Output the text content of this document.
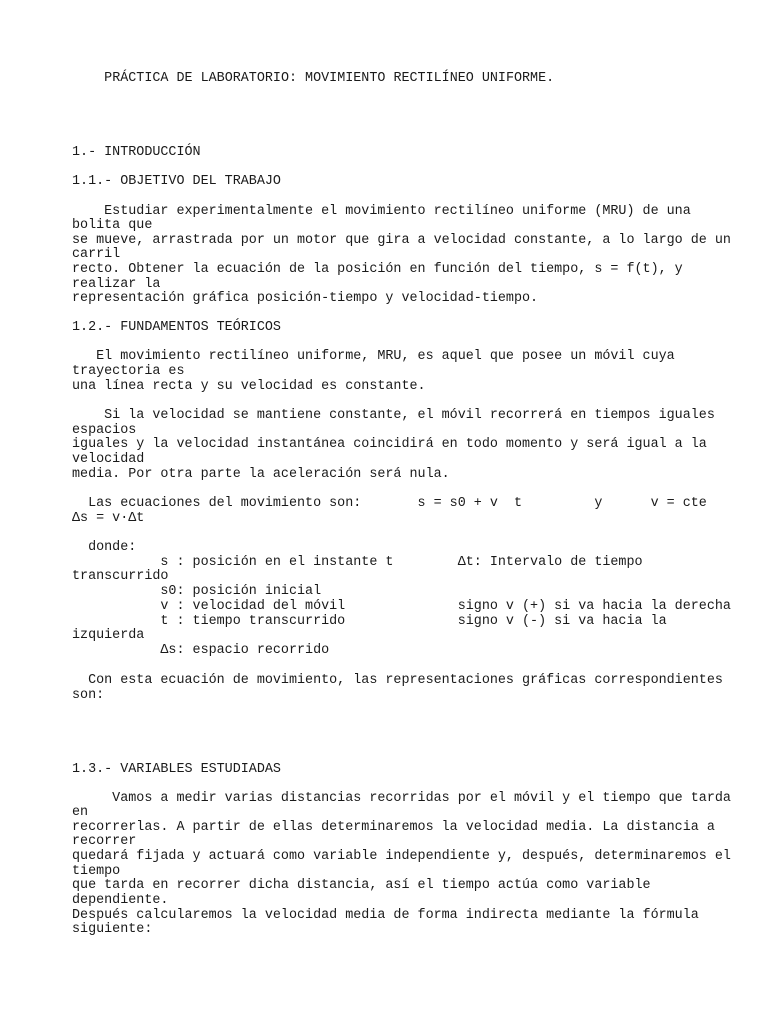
PRÁCTICA DE LABORATORIO: MOVIMIENTO RECTILÍNEO UNIFORME.
1.- INTRODUCCIÓN
1.1.- OBJETIVO DEL TRABAJO
Estudiar experimentalmente el movimiento rectilíneo uniforme (MRU) de una
bolita que
se mueve, arrastrada por un motor que gira a velocidad constante, a lo largo de un
carril
recto. Obtener la ecuación de la posición en función del tiempo, s = f(t), y
realizar la
representación gráfica posición-tiempo y velocidad-tiempo.
1.2.- FUNDAMENTOS TEÓRICOS
El movimiento rectilíneo uniforme, MRU, es aquel que posee un móvil cuya
trayectoria es
una línea recta y su velocidad es constante.
Si la velocidad se mantiene constante, el móvil recorrerá en tiempos iguales
espacios
iguales y la velocidad instantánea coincidirá en todo momento y será igual a la
velocidad
media. Por otra parte la aceleración será nula.
Las ecuaciones del movimiento son:       s = s0 + v  t         y      v = cte
Δs = v·Δt
donde:
s : posición en el instante t        Δt: Intervalo de tiempo
transcurrido
s0: posición inicial
v : velocidad del móvil              signo v (+) si va hacia la derecha
t : tiempo transcurrido              signo v (-) si va hacia la
izquierda
Δs: espacio recorrido
Con esta ecuación de movimiento, las representaciones gráficas correspondientes
son:
1.3.- VARIABLES ESTUDIADAS
Vamos a medir varias distancias recorridas por el móvil y el tiempo que tarda
en
recorrerlas. A partir de ellas determinaremos la velocidad media. La distancia a
recorrer
quedará fijada y actuará como variable independiente y, después, determinaremos el
tiempo
que tarda en recorrer dicha distancia, así el tiempo actúa como variable
dependiente.
Después calcularemos la velocidad media de forma indirecta mediante la fórmula
siguiente:
